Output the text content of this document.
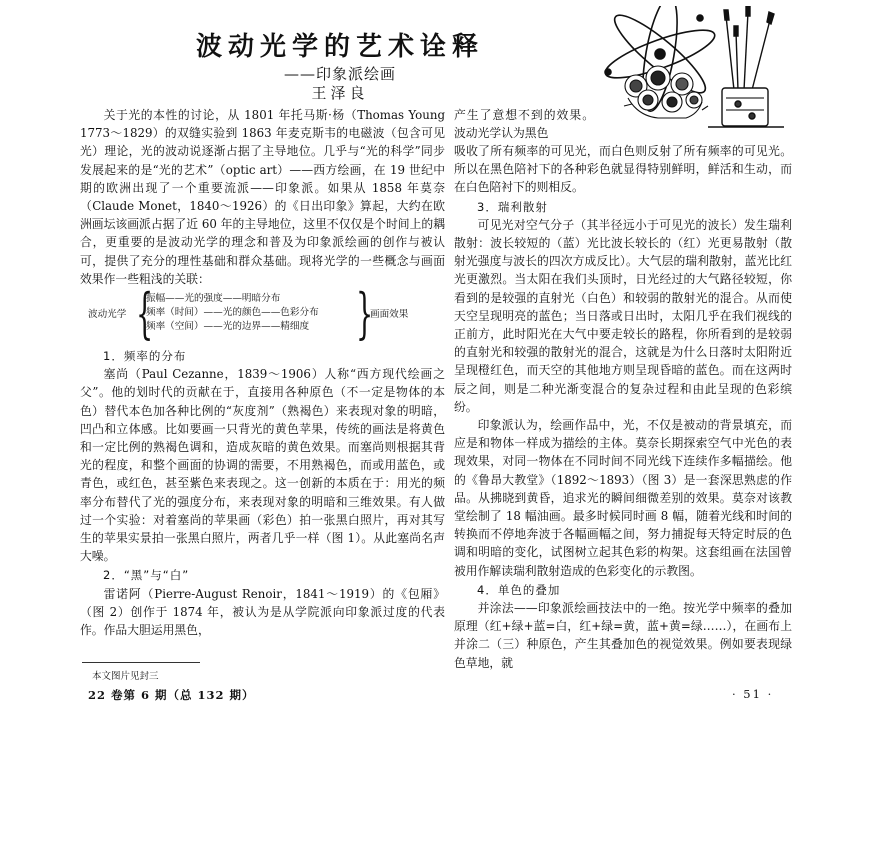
波动光学的艺术诠释
——印象派绘画
王泽良

关于光的本性的讨论，从 1801 年托马斯·杨（Thomas Young 1773～1829）的双缝实验到 1863 年麦克斯韦的电磁波（包含可见光）理论，光的波动说逐渐占据了主导地位。几乎与“光的科学”同步发展起来的是“光的艺术”（optic art）——西方绘画，在 19 世纪中期的欧洲出现了一个重要流派——印象派。如果从 1858 年莫奈（Claude Monet，1840～1926）的《日出印象》算起，大约在欧洲画坛该画派占据了近 60 年的主导地位，这里不仅仅是个时间上的耦合，更重要的是波动光学的理念和普及为印象派绘画的创作与被认可，提供了充分的理性基础和群众基础。现将光学的一些概念与画面效果作一些粗浅的关联：

波动光学 {
振幅——光的强度——明暗分布
频率（时间）——光的颜色——色彩分布
频率（空间）——光的边界——精细度 }
画面效果
1．频率的分布

塞尚（Paul Cezanne，1839～1906）人称“西方现代绘画之父”。他的划时代的贡献在于，直接用各种原色（不一定是物体的本色）替代本色加各种比例的“灰度剂”（熟褐色）来表现对象的明暗，凹凸和立体感。比如要画一只背光的黄色苹果，传统的画法是将黄色和一定比例的熟褐色调和，造成灰暗的黄色效果。而塞尚则根据其背光的程度，和整个画面的协调的需要，不用熟褐色，而或用蓝色，或青色，或红色，甚至紫色来表现之。这一创新的本质在于：用光的频率分布替代了光的强度分布，来表现对象的明暗和三维效果。有人做过一个实验：对着塞尚的苹果画（彩色）拍一张黑白照片，再对其写生的苹果实景拍一张黑白照片，两者几乎一样（图 1）。从此塞尚名声大噪。

2．“黑”与“白”

雷诺阿（Pierre-August Renoir，1841～1919）的《包厢》（图 2）创作于 1874 年，被认为是从学院派向印象派过度的代表作。作品大胆运用黑色，

产生了意想不到的效果。波动光学认为黑色

吸收了所有频率的可见光，而白色则反射了所有频率的可见光。所以在黑色陪衬下的各种彩色就显得特别鲜明，鲜活和生动，而在白色陪衬下的则相反。

3．瑞利散射

可见光对空气分子（其半径远小于可见光的波长）发生瑞利散射：波长较短的（蓝）光比波长较长的（红）光更易散射（散射光强度与波长的四次方成反比）。大气层的瑞利散射，蓝光比红光更激烈。当太阳在我们头顶时，日光经过的大气路径较短，你看到的是较强的直射光（白色）和较弱的散射光的混合。从而使天空呈现明亮的蓝色；当日落或日出时，太阳几乎在我们视线的正前方，此时阳光在大气中要走较长的路程，你所看到的是较弱的直射光和较强的散射光的混合，这就是为什么日落时太阳附近呈现橙红色，而天空的其他地方则呈现昏暗的蓝色。而在这两时辰之间，则是二种光渐变混合的复杂过程和由此呈现的色彩缤纷。

印象派认为，绘画作品中，光，不仅是被动的背景填充，而应是和物体一样成为描绘的主体。莫奈长期探索空气中光色的表现效果，对同一物体在不同时间不同光线下连续作多幅描绘。他的《鲁昂大教堂》（1892～1893）（图 3）是一套深思熟虑的作品。从拂晓到黄昏，追求光的瞬间细微差别的效果。莫奈对该教堂绘制了 18 幅油画。最多时候同时画 8 幅，随着光线和时间的转换而不停地奔波于各幅画幅之间，努力捕捉每天特定时辰的色调和明暗的变化，试图树立起其色彩的构架。这套组画在法国曾被用作解读瑞利散射造成的色彩变化的示教图。

4．单色的叠加

并涂法——印象派绘画技法中的一绝。按光学中频率的叠加原理（红+绿+蓝=白，红+绿=黄，蓝+黄=绿……），在画布上并涂二（三）种原色，产生其叠加色的视觉效果。例如要表现绿色草地，就

本文图片见封三
22 卷第 6 期（总 132 期）	· 51 ·
